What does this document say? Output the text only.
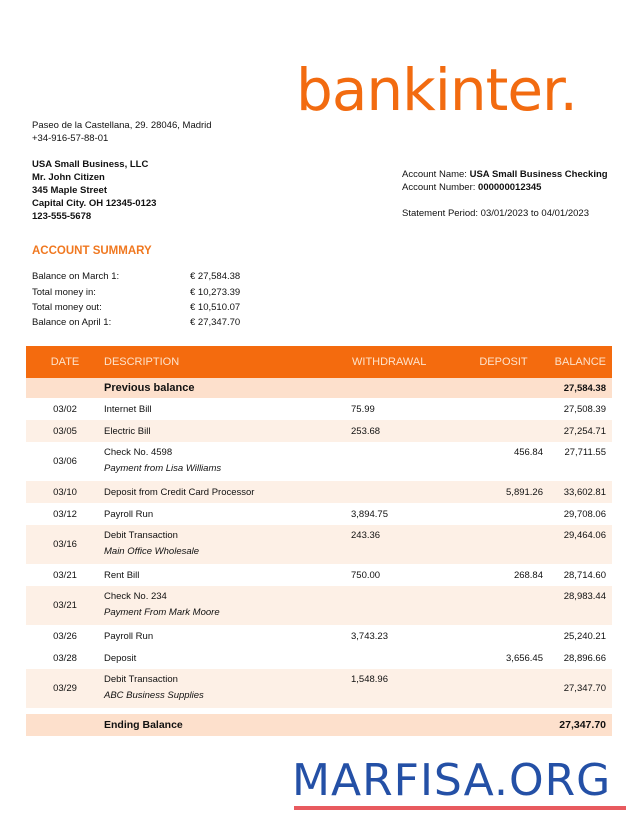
bankinter.
Paseo de la Castellana, 29. 28046, Madrid
+34-916-57-88-01
USA Small Business, LLC
Mr. John Citizen
345 Maple Street
Capital City. OH 12345-0123
123-555-5678
Account Name: USA Small Business Checking
Account Number: 000000012345
Statement Period: 03/01/2023 to 04/01/2023
ACCOUNT SUMMARY
Balance on March 1:	€ 27,584.38
Total money in:	€ 10,273.39
Total money out:	€ 10,510.07
Balance on April 1:	€ 27,347.70
DATE	DESCRIPTION	WITHDRAWAL	DEPOSIT	BALANCE
	Previous balance			27,584.38
03/02	Internet Bill	75.99		27,508.39
03/05	Electric Bill	253.68		27,254.71
03/06	Check No. 4598
Payment from Lisa Williams		456.84	27,711.55
03/10	Deposit from Credit Card Processor		5,891.26	33,602.81
03/12	Payroll Run	3,894.75		29,708.06
03/16	Debit Transaction
Main Office Wholesale	243.36		29,464.06
03/21	Rent Bill	750.00	268.84	28,714.60
03/21	Check No. 234
Payment From Mark Moore			28,983.44
03/26	Payroll Run	3,743.23		25,240.21
03/28	Deposit		3,656.45	28,896.66
03/29	Debit Transaction
ABC Business Supplies	1,548.96		27,347.70

	Ending Balance			27,347.70
MARFISA.ORG
